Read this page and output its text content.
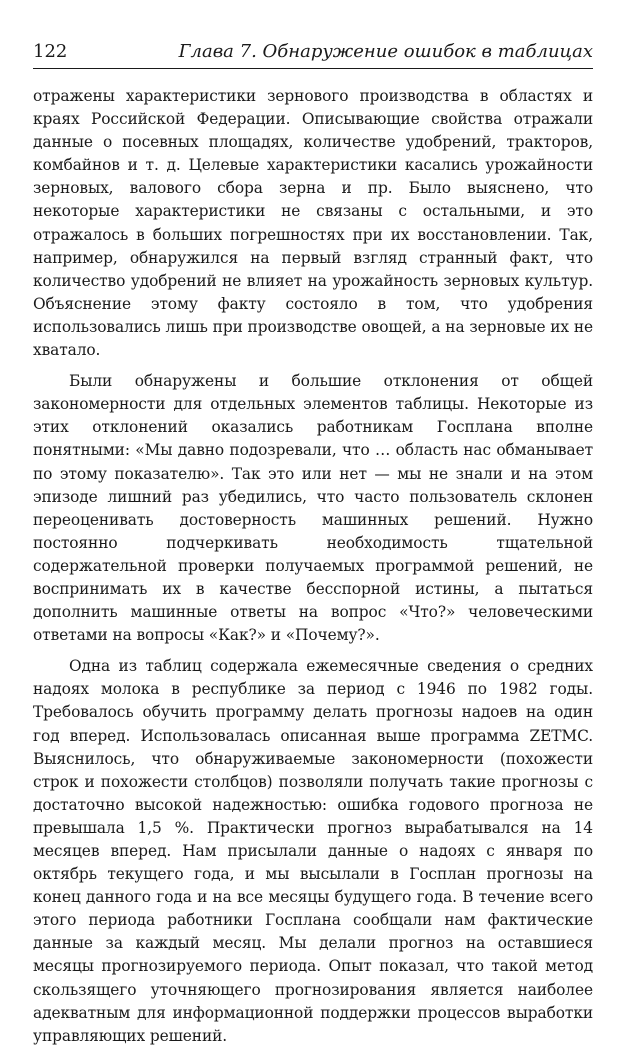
122	Глава 7. Обнаружение ошибок в таблицах

отражены характеристики зернового производства в областях и краях Российской Федерации. Описывающие свойства отражали данные о посевных площадях, количестве удобрений, тракторов, комбайнов и т. д. Целевые характеристики касались урожайности зерновых, валового сбора зерна и пр. Было выяснено, что некоторые характеристики не связаны с остальными, и это отражалось в больших погрешностях при их восстановлении. Так, например, обнаружился на первый взгляд странный факт, что количество удобрений не влияет на урожайность зерновых культур. Объяснение этому факту состояло в том, что удобрения использовались лишь при производстве овощей, а на зерновые их не хватало.

Были обнаружены и большие отклонения от общей закономерности для отдельных элементов таблицы. Некоторые из этих отклонений оказались работникам Госплана вполне понятными: «Мы давно подозревали, что … область нас обманывает по этому показателю». Так это или нет — мы не знали и на этом эпизоде лишний раз убедились, что часто пользователь склонен переоценивать достоверность машинных решений. Нужно постоянно подчеркивать необходимость тщательной содержательной проверки получаемых программой решений, не воспринимать их в качестве бесспорной истины, а пытаться дополнить машинные ответы на вопрос «Что?» человеческими ответами на вопросы «Как?» и «Почему?».

Одна из таблиц содержала ежемесячные сведения о средних надоях молока в республике за период с 1946 по 1982 годы. Требовалось обучить программу делать прогнозы надоев на один год вперед. Использовалась описанная выше программа ZETMC. Выяснилось, что обнаруживаемые закономерности (похожести строк и похожести столбцов) позволяли получать такие прогнозы с достаточно высокой надежностью: ошибка годового прогноза не превышала 1,5 %. Практически прогноз вырабатывался на 14 месяцев вперед. Нам присылали данные о надоях с января по октябрь текущего года, и мы высылали в Госплан прогнозы на конец данного года и на все месяцы будущего года. В течение всего этого периода работники Госплана сообщали нам фактические данные за каждый месяц. Мы делали прогноз на оставшиеся месяцы прогнозируемого периода. Опыт показал, что такой метод скользящего уточняющего прогнозирования является наиболее адекватным для информационной поддержки процессов выработки управляющих решений.
